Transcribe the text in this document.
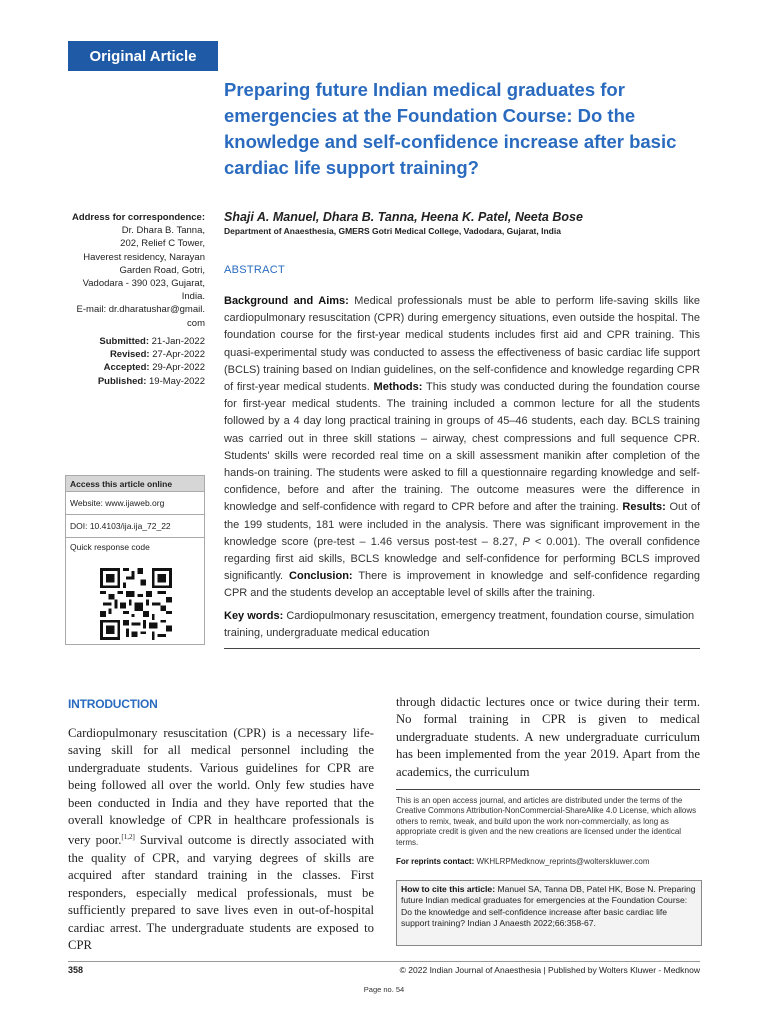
Original Article
Preparing future Indian medical graduates for emergencies at the Foundation Course: Do the knowledge and self-confidence increase after basic cardiac life support training?
Address for correspondence:
Dr. Dhara B. Tanna,
202, Relief C Tower,
Haverest residency, Narayan
Garden Road, Gotri,
Vadodara - 390 023, Gujarat,
India.
E-mail: dr.dharatushar@gmail.
com
Submitted: 21-Jan-2022
Revised: 27-Apr-2022
Accepted: 29-Apr-2022
Published: 19-May-2022
Access this article online
Website: www.ijaweb.org
DOI: 10.4103/ija.ija_72_22
Quick response code
Shaji A. Manuel, Dhara B. Tanna, Heena K. Patel, Neeta Bose
Department of Anaesthesia, GMERS Gotri Medical College, Vadodara, Gujarat, India
ABSTRACT
Background and Aims: Medical professionals must be able to perform life-saving skills like cardiopulmonary resuscitation (CPR) during emergency situations, even outside the hospital. The foundation course for the first-year medical students includes first aid and CPR training. This quasi-experimental study was conducted to assess the effectiveness of basic cardiac life support (BCLS) training based on Indian guidelines, on the self-confidence and knowledge regarding CPR of first-year medical students. Methods: This study was conducted during the foundation course for first-year medical students. The training included a common lecture for all the students followed by a 4 day long practical training in groups of 45–46 students, each day. BCLS training was carried out in three skill stations – airway, chest compressions and full sequence CPR. Students' skills were recorded real time on a skill assessment manikin after completion of the hands-on training. The students were asked to fill a questionnaire regarding knowledge and self-confidence, before and after the training. The outcome measures were the difference in knowledge and self-confidence with regard to CPR before and after the training. Results: Out of the 199 students, 181 were included in the analysis. There was significant improvement in the knowledge score (pre-test – 1.46 versus post-test – 8.27, P < 0.001). The overall confidence regarding first aid skills, BCLS knowledge and self-confidence for performing BCLS improved significantly. Conclusion: There is improvement in knowledge and self-confidence regarding CPR and the students develop an acceptable level of skills after the training.
Key words: Cardiopulmonary resuscitation, emergency treatment, foundation course, simulation training, undergraduate medical education
INTRODUCTION
Cardiopulmonary resuscitation (CPR) is a necessary life-saving skill for all medical personnel including the undergraduate students. Various guidelines for CPR are being followed all over the world. Only few studies have been conducted in India and they have reported that the overall knowledge of CPR in healthcare professionals is very poor.[1,2] Survival outcome is directly associated with the quality of CPR, and varying degrees of skills are acquired after standard training in the classes. First responders, especially medical professionals, must be sufficiently prepared to save lives even in out-of-hospital cardiac arrest. The undergraduate students are exposed to CPR
through didactic lectures once or twice during their term. No formal training in CPR is given to medical undergraduate students. A new undergraduate curriculum has been implemented from the year 2019. Apart from the academics, the curriculum
This is an open access journal, and articles are distributed under the terms of the Creative Commons Attribution-NonCommercial-ShareAlike 4.0 License, which allows others to remix, tweak, and build upon the work non-commercially, as long as appropriate credit is given and the new creations are licensed under the identical terms.
For reprints contact: WKHLRPMedknow_reprints@wolterskluwer.com
How to cite this article: Manuel SA, Tanna DB, Patel HK, Bose N. Preparing future Indian medical graduates for emergencies at the Foundation Course: Do the knowledge and self-confidence increase after basic cardiac life support training? Indian J Anaesth 2022;66:358-67.
358	© 2022 Indian Journal of Anaesthesia | Published by Wolters Kluwer - Medknow
Page no. 54
